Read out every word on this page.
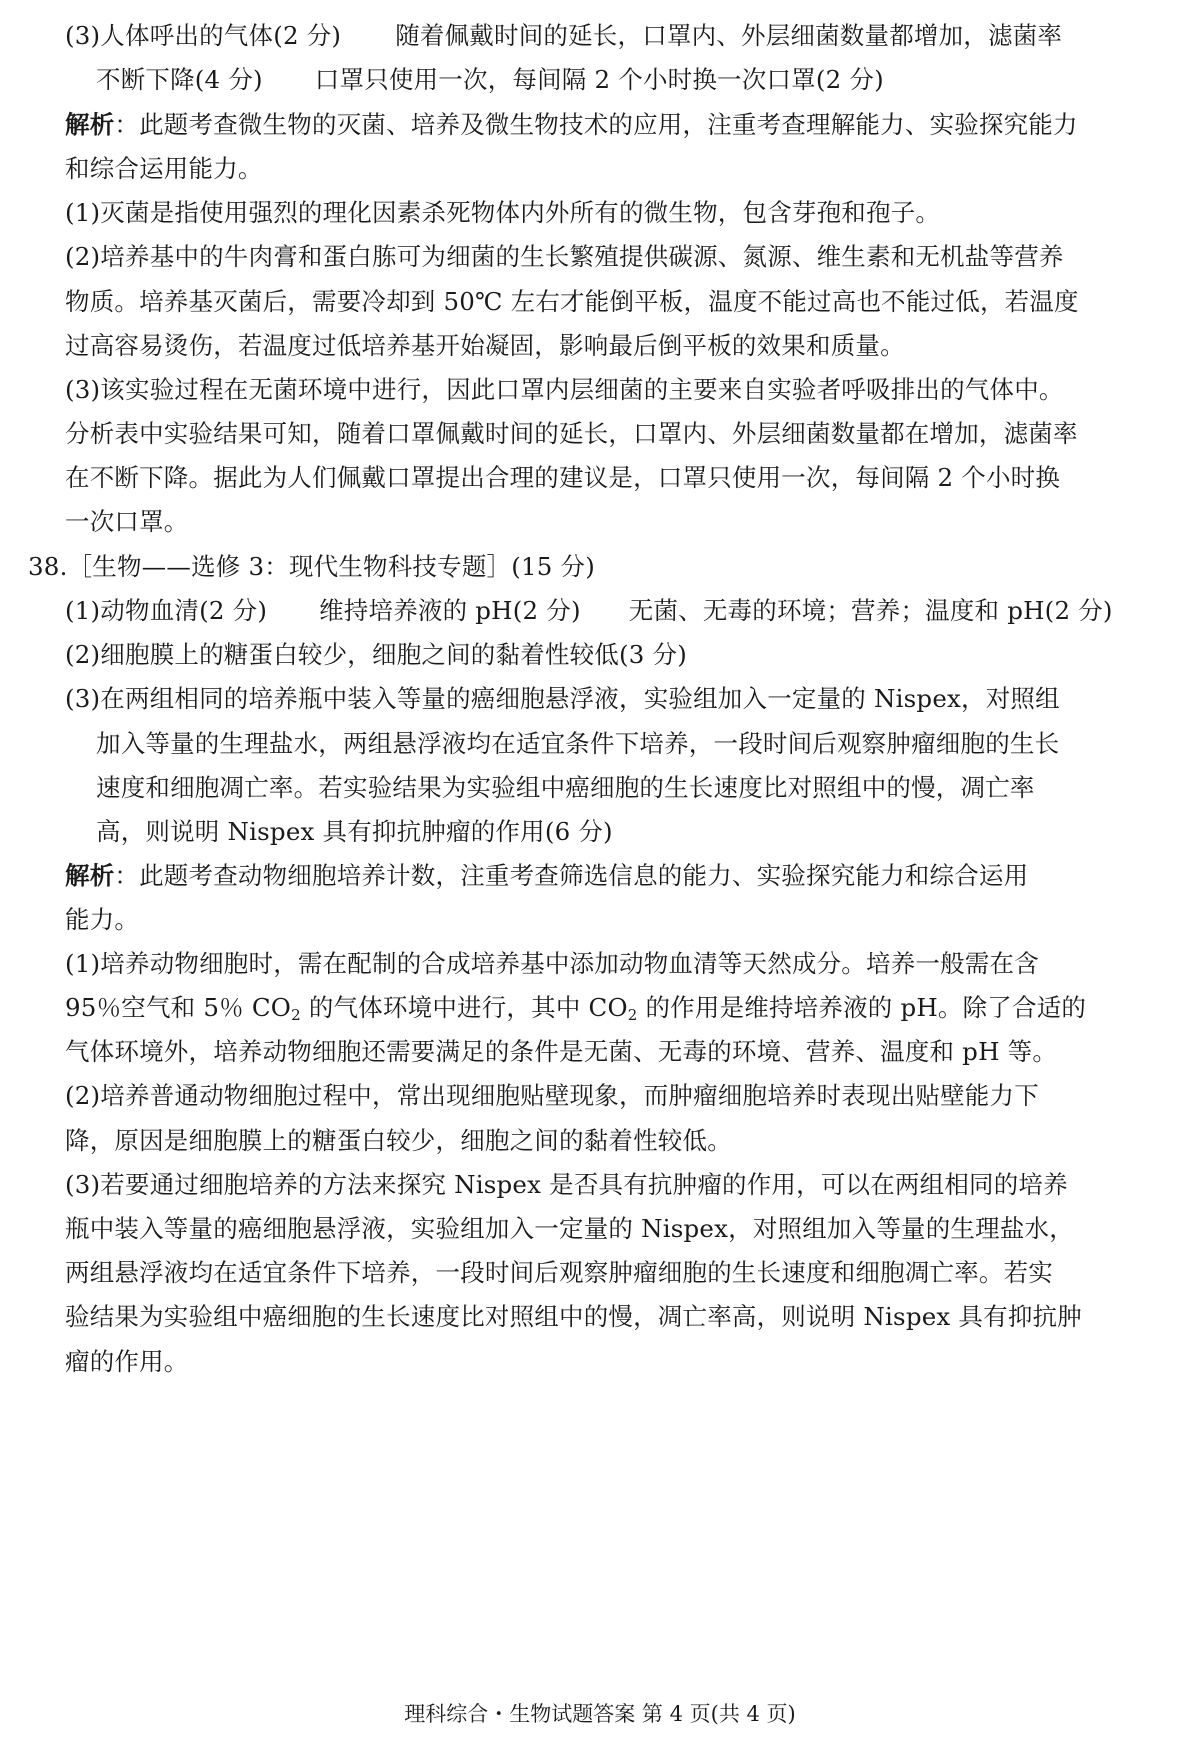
(3)人体呼出的气体(2 分) 随着佩戴时间的延长，口罩内、外层细菌数量都增加，滤菌率
不断下降(4 分) 口罩只使用一次，每间隔 2 个小时换一次口罩(2 分)
解析：此题考查微生物的灭菌、培养及微生物技术的应用，注重考查理解能力、实验探究能力
和综合运用能力。
(1)灭菌是指使用强烈的理化因素杀死物体内外所有的微生物，包含芽孢和孢子。
(2)培养基中的牛肉膏和蛋白胨可为细菌的生长繁殖提供碳源、氮源、维生素和无机盐等营养
物质。培养基灭菌后，需要冷却到 50℃ 左右才能倒平板，温度不能过高也不能过低，若温度
过高容易烫伤，若温度过低培养基开始凝固，影响最后倒平板的效果和质量。
(3)该实验过程在无菌环境中进行，因此口罩内层细菌的主要来自实验者呼吸排出的气体中。
分析表中实验结果可知，随着口罩佩戴时间的延长，口罩内、外层细菌数量都在增加，滤菌率
在不断下降。据此为人们佩戴口罩提出合理的建议是，口罩只使用一次，每间隔 2 个小时换
一次口罩。
38.［生物——选修 3：现代生物科技专题］(15 分)
(1)动物血清(2 分) 维持培养液的 pH(2 分) 无菌、无毒的环境；营养；温度和 pH(2 分)
(2)细胞膜上的糖蛋白较少，细胞之间的黏着性较低(3 分)
(3)在两组相同的培养瓶中装入等量的癌细胞悬浮液，实验组加入一定量的 Nispex，对照组
加入等量的生理盐水，两组悬浮液均在适宜条件下培养，一段时间后观察肿瘤细胞的生长
速度和细胞凋亡率。若实验结果为实验组中癌细胞的生长速度比对照组中的慢，凋亡率
高，则说明 Nispex 具有抑抗肿瘤的作用(6 分)
解析：此题考查动物细胞培养计数，注重考查筛选信息的能力、实验探究能力和综合运用
能力。
(1)培养动物细胞时，需在配制的合成培养基中添加动物血清等天然成分。培养一般需在含
95％空气和 5％ $CO_2$ 的气体环境中进行，其中 $CO_2$ 的作用是维持培养液的 pH。除了合适的
气体环境外，培养动物细胞还需要满足的条件是无菌、无毒的环境、营养、温度和 pH 等。
(2)培养普通动物细胞过程中，常出现细胞贴壁现象，而肿瘤细胞培养时表现出贴壁能力下
降，原因是细胞膜上的糖蛋白较少，细胞之间的黏着性较低。
(3)若要通过细胞培养的方法来探究 Nispex 是否具有抗肿瘤的作用，可以在两组相同的培养
瓶中装入等量的癌细胞悬浮液，实验组加入一定量的 Nispex，对照组加入等量的生理盐水，
两组悬浮液均在适宜条件下培养，一段时间后观察肿瘤细胞的生长速度和细胞凋亡率。若实
验结果为实验组中癌细胞的生长速度比对照组中的慢，凋亡率高，则说明 Nispex 具有抑抗肿
瘤的作用。
理科综合・生物试题答案 第 4 页(共 4 页)
